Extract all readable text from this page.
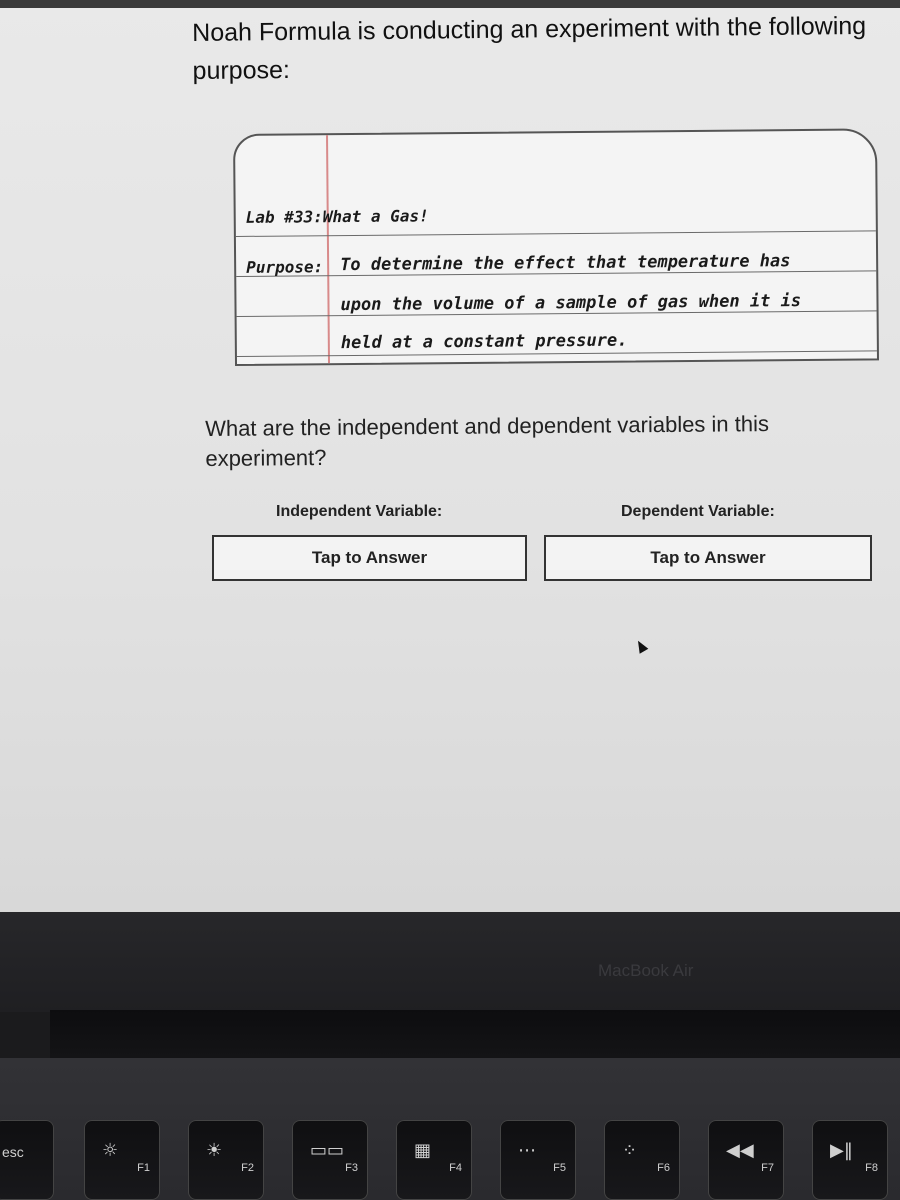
Noah Formula is conducting an experiment with the following purpose:
Lab #33:What a Gas!
Purpose: To determine the effect that temperature has
upon the volume of a sample of gas when it is
held at a constant pressure.
What are the independent and dependent variables in this experiment?
Independent Variable:	Dependent Variable:
Tap to Answer	Tap to Answer
MacBook Air
esc	☼
F1
☀
F2
▭▭
F3
▦
F4
⋯
F5
⁘
F6
◀◀
F7
▶‖
F8
